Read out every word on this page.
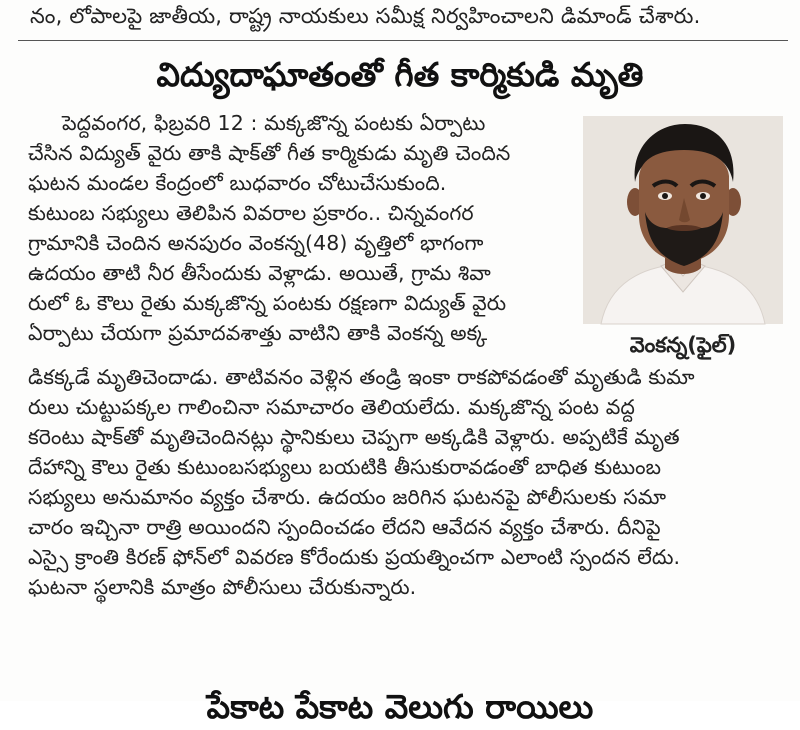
నం, లోపాలపై జాతీయ, రాష్ట్ర నాయకులు సమీక్ష నిర్వహించాలని డిమాండ్ చేశారు.
విద్యుదాఘాతంతో గీత కార్మికుడి మృతి
పెద్దవంగర, ఫిబ్రవరి 12 : మక్కజొన్న పంటకు ఏర్పాటు
చేసిన విద్యుత్ వైరు తాకి షాక్‌తో గీత కార్మికుడు మృతి చెందిన
ఘటన మండల కేంద్రంలో బుధవారం చోటుచేసుకుంది.
కుటుంబ సభ్యులు తెలిపిన వివరాల ప్రకారం.. చిన్నవంగర
గ్రామానికి చెందిన అనపురం వెంకన్న(48) వృత్తిలో భాగంగా
ఉదయం తాటి నీర తీసేందుకు వెళ్లాడు. అయితే, గ్రామ శివా
రులో ఓ కౌలు రైతు మక్కజొన్న పంటకు రక్షణగా విద్యుత్ వైరు
ఏర్పాటు చేయగా ప్రమాదవశాత్తు వాటిని తాకి వెంకన్న అక్క	వెంకన్న(ఫైల్)
డికక్కడే మృతిచెందాడు. తాటివనం వెళ్లిన తండ్రి ఇంకా రాకపోవడంతో మృతుడి కుమా
రులు చుట్టుపక్కల గాలించినా సమాచారం తెలియలేదు. మక్కజొన్న పంట వద్ద
కరెంటు షాక్‌తో మృతిచెందినట్లు స్థానికులు చెప్పగా అక్కడికి వెళ్లారు. అప్పటికే మృత
దేహాన్ని కౌలు రైతు కుటుంబసభ్యులు బయటికి తీసుకురావడంతో బాధిత కుటుంబ
సభ్యులు అనుమానం వ్యక్తం చేశారు. ఉదయం జరిగిన ఘటనపై పోలీసులకు సమా
చారం ఇచ్చినా రాత్రి అయిందని స్పందించడం లేదని ఆవేదన వ్యక్తం చేశారు. దీనిపై
ఎస్సై క్రాంతి కిరణ్ ఫోన్‌లో వివరణ కోరేందుకు ప్రయత్నించగా ఎలాంటి స్పందన లేదు.
ఘటనా స్థలానికి మాత్రం పోలీసులు చేరుకున్నారు.
పేకాట పేకాట వెలుగు రాయిలు
